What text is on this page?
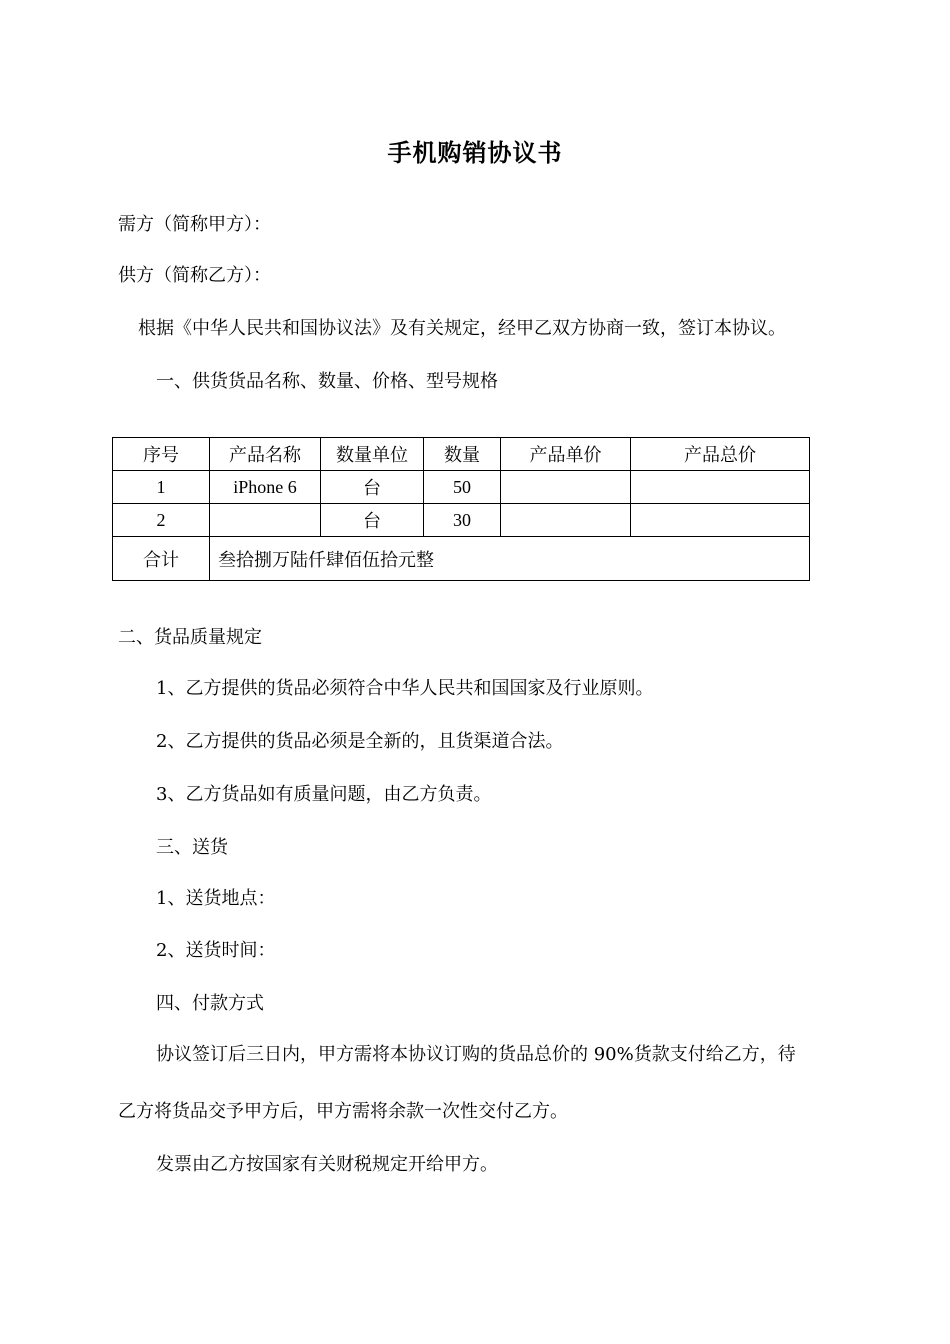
手机购销协议书
需方（简称甲方）：
供方（简称乙方）：
根据《中华人民共和国协议法》及有关规定，经甲乙双方协商一致，签订本协议。
一、供货货品名称、数量、价格、型号规格
序号	产品名称	数量单位	数量	产品单价	产品总价
1	iPhone 6	台	50		
2		台	30		
合计	叁拾捌万陆仟肆佰伍拾元整				
二、货品质量规定
1、乙方提供的货品必须符合中华人民共和国国家及行业原则。
2、乙方提供的货品必须是全新的，且货渠道合法。
3、乙方货品如有质量问题，由乙方负责。
三、送货
1、送货地点：
2、送货时间：
四、付款方式
协议签订后三日内，甲方需将本协议订购的货品总价的 90%货款支付给乙方，待
乙方将货品交予甲方后，甲方需将余款一次性交付乙方。
发票由乙方按国家有关财税规定开给甲方。
